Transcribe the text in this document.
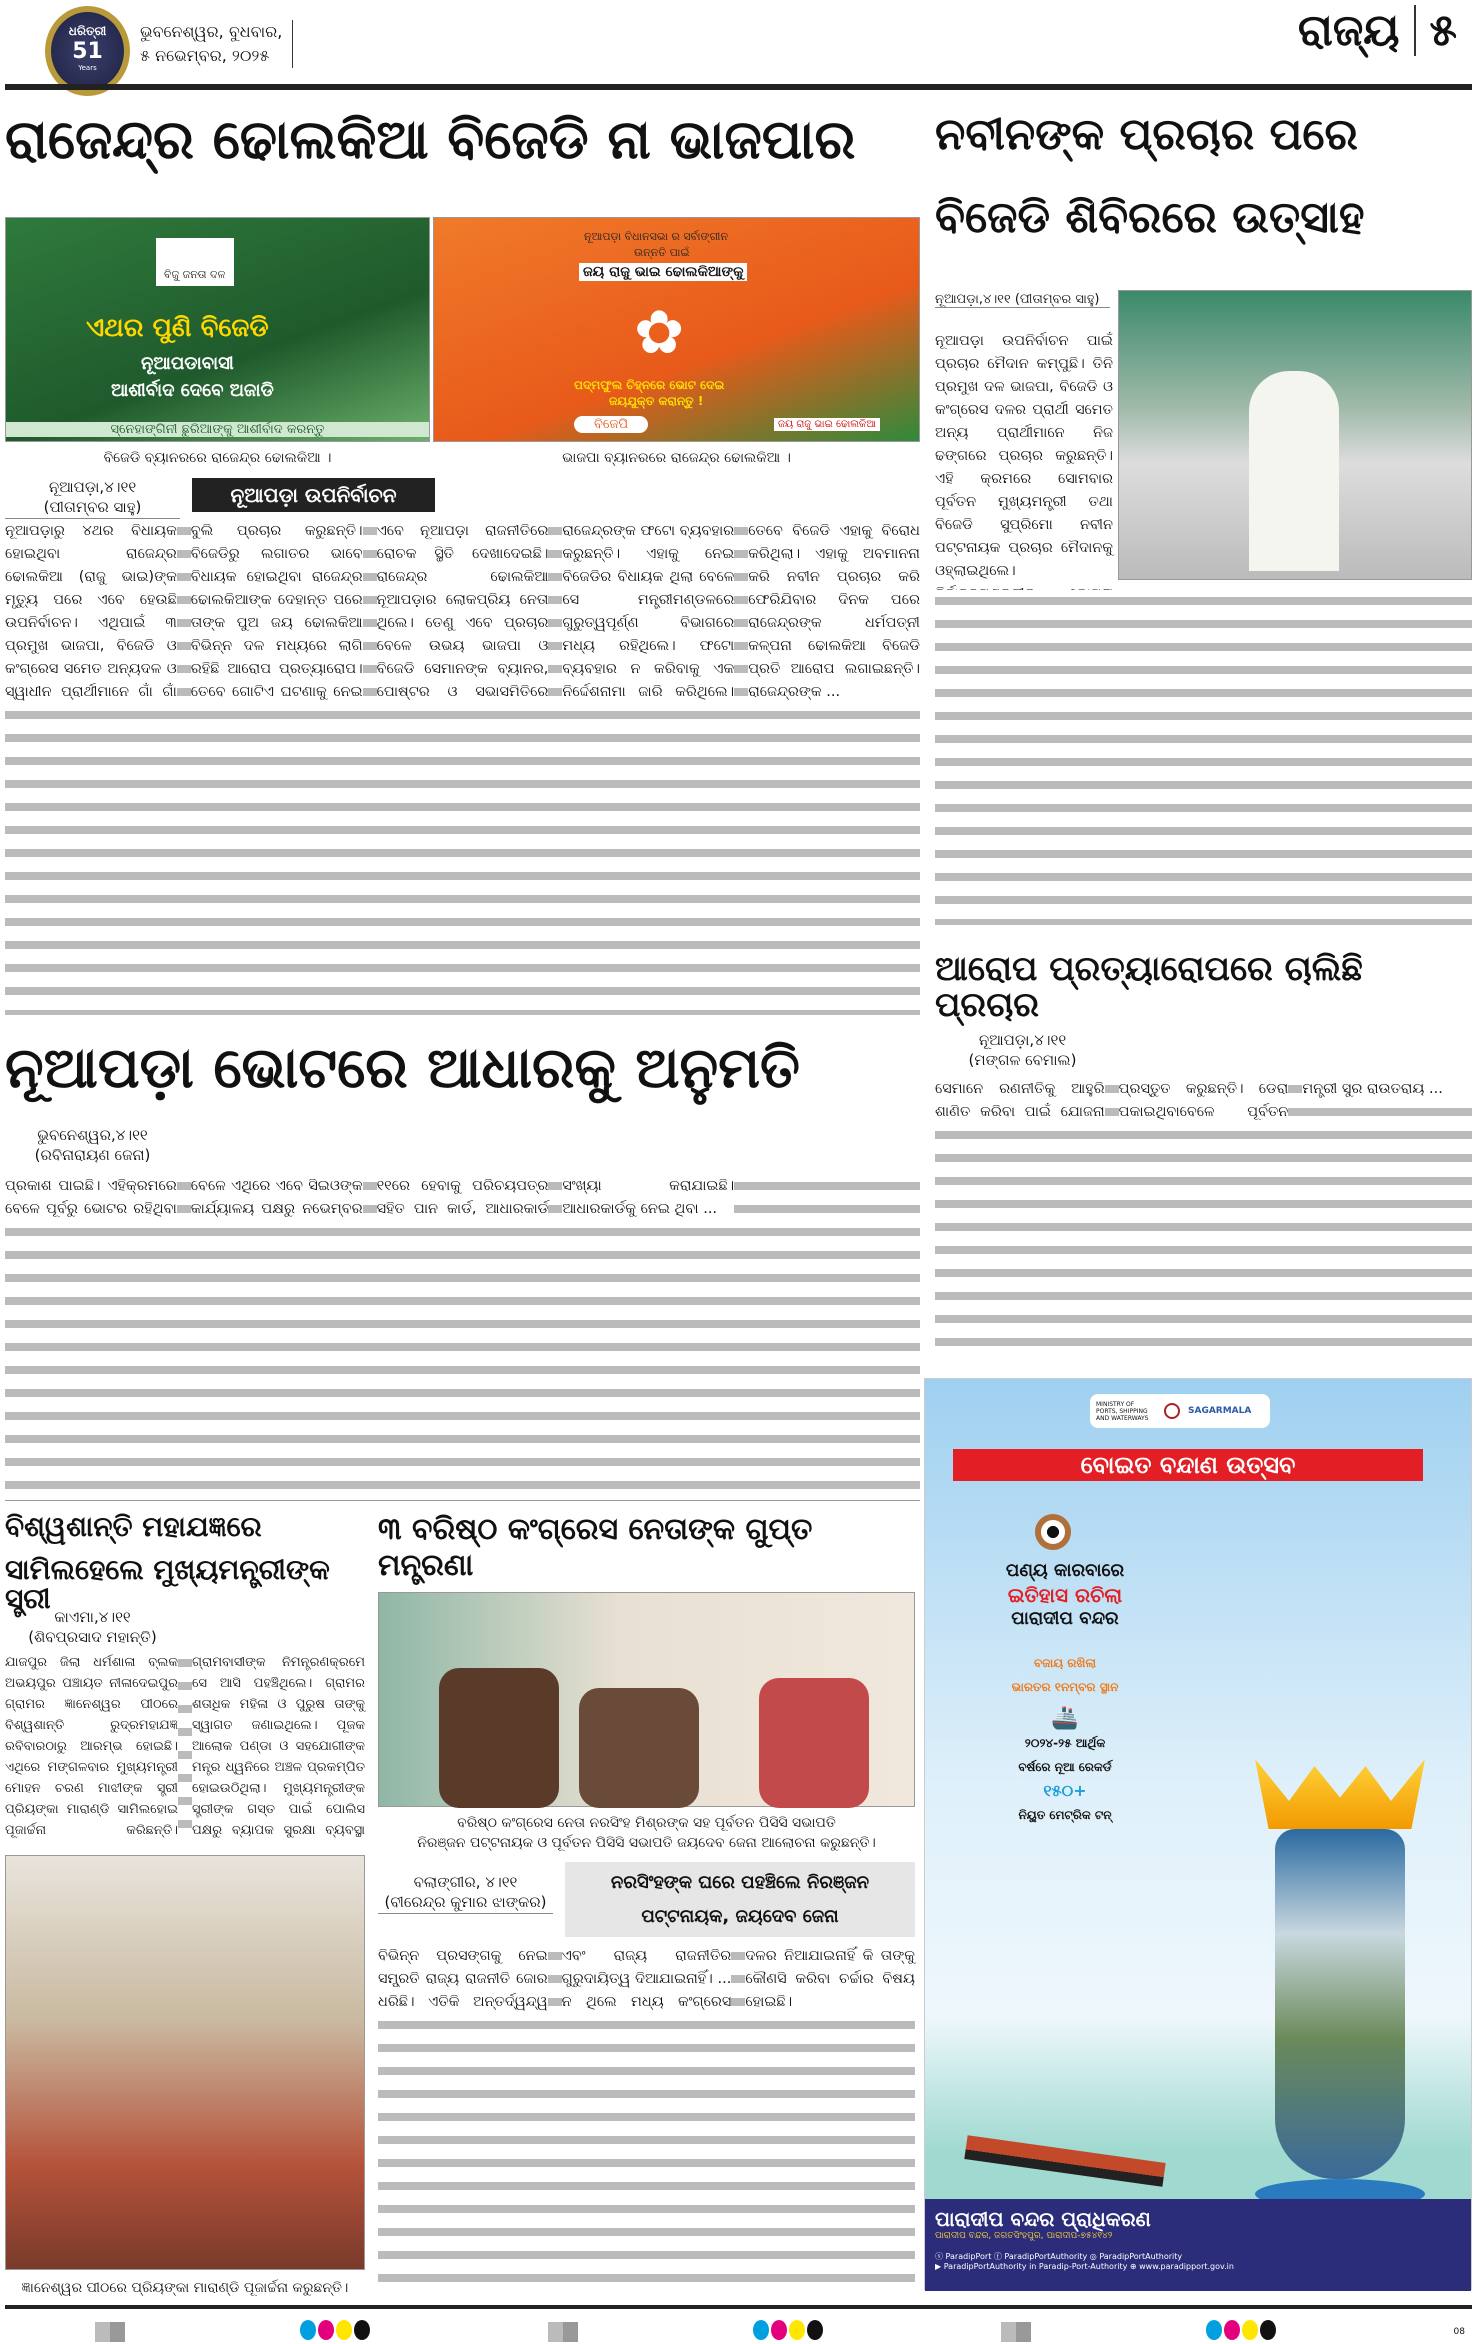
ଧରିତ୍ରୀ
51
Years
ଭୁବନେଶ୍ୱର, ବୁଧବାର,
୫ ନଭେମ୍ବର, ୨୦୨୫	ରାଜ୍ୟ ୫
ରାଜେନ୍ଦ୍ର ଢୋଲକିଆ ବିଜେଡି ନା ଭାଜପାର
ବିଜୁ ଜନତା ଦଳ
ଏଥର ପୁଣି ବିଜେଡି
ନୂଆପଡାବାସୀ
ଆଶୀର୍ବାଦ ଦେବେ ଅଜାଡି
ସ୍ନେହାଙ୍ଗିନୀ ଛୁରିଆଙ୍କୁ ଆଶୀର୍ବାଦ କରନ୍ତୁ
ନୂଆପଡ଼ା ବିଧାନସଭା ର ସର୍ବାଙ୍ଗୀନ
ଉନ୍ନତି ପାଇଁ
ଜୟ ରାଜୁ ଭାଇ ଢୋଲକିଆଙ୍କୁ
✿
ପଦ୍ମଫୁଲ ଚିହ୍ନରେ ଭୋଟ ଦେଇ
ଜୟଯୁକ୍ତ କରାନ୍ତୁ !
ବିଜେପି	ଜୟ ରାଜୁ ଭାଇ ଢୋଲକିଆ
ବିଜେଡି ବ୍ୟାନରରେ ରାଜେନ୍ଦ୍ର ଢୋଲକିଆ ।	ଭାଜପା ବ୍ୟାନରରେ ରାଜେନ୍ଦ୍ର ଢୋଲକିଆ ।
ନୂଆପଡ଼ା,୪।୧୧
(ପୀତାମ୍ବର ସାହୁ)
ନୂଆପଡ଼ା ଉପନିର୍ବାଚନ

ନୂଆପଡ଼ାରୁ ୪ଥର ବିଧାୟକ ହୋଇଥିବା ରାଜେନ୍ଦ୍ର ଢୋଲକିଆ (ରାଜୁ ଭାଇ)ଙ୍କ ମୃତ୍ୟୁ ପରେ ଏବେ ହେଉଛି ଉପନିର୍ବାଚନ। ଏଥିପାଇଁ ୩ ପ୍ରମୁଖ ଭାଜପା, ବିଜେଡି ଓ କଂଗ୍ରେସ ସମେତ ଅନ୍ୟଦଳ ଓ ସ୍ୱାଧୀନ ପ୍ରାର୍ଥୀମାନେ ଗାଁ ଗାଁ ବୁଲି ପ୍ରଚାର କରୁଛନ୍ତି। ବିଜେଡିରୁ ଲଗାତର ଭାବେ ବିଧାୟକ ହୋଇଥିବା ରାଜେନ୍ଦ୍ର ଢୋଲକିଆଙ୍କ ଦେହାନ୍ତ ପରେ ତାଙ୍କ ପୁଅ ଜୟ ଢୋଲକିଆ ବିଭିନ୍ନ ଦଳ ମଧ୍ୟରେ ଲାଗି ରହିଛି ଆରୋପ ପ୍ରତ୍ୟାରୋପ। ତେବେ ଗୋଟିଏ ଘଟଣାକୁ ନେଇ ଏବେ ନୂଆପଡ଼ା ରାଜନୀତିରେ ରୋଚକ ସ୍ଥିତି ଦେଖାଦେଇଛି। ରାଜେନ୍ଦ୍ର ଢୋଲକିଆ ନୂଆପଡ଼ାର ଲୋକପ୍ରିୟ ନେତା ଥିଲେ। ତେଣୁ ଏବେ ପ୍ରଚାର ବେଳେ ଉଭୟ ଭାଜପା ଓ ବିଜେଡି ସେମାନଙ୍କ ବ୍ୟାନର, ପୋଷ୍ଟର ଓ ସଭାସମିତିରେ ରାଜେନ୍ଦ୍ରଙ୍କ ଫଟୋ ବ୍ୟବହାର କରୁଛନ୍ତି। ଏହାକୁ ନେଇ ବିଜେଡିର ବିଧାୟକ ଥିଲା ବେଳେ ସେ ମନ୍ତ୍ରୀମଣ୍ଡଳରେ ଗୁରୁତ୍ୱପୂର୍ଣ୍ଣ ବିଭାଗରେ ମଧ୍ୟ ରହିଥିଲେ। ଫଟୋ ବ୍ୟବହାର ନ କରିବାକୁ ଏକ ନିର୍ଦ୍ଦେଶନାମା ଜାରି କରିଥିଲେ। ତେବେ ବିଜେଡି ଏହାକୁ ବିରୋଧ କରିଥିଲା। ଏହାକୁ ଅବମାନନା କରି ନବୀନ ପ୍ରଚାର କରି ଫେରିଯିବାର ଦିନକ ପରେ ରାଜେନ୍ଦ୍ରଙ୍କ ଧର୍ମପତ୍ନୀ କଳ୍ପନା ଢୋଲକିଆ ବିଜେଡି ପ୍ରତି ଆରୋପ ଲଗାଇଛନ୍ତି। ରାଜେନ୍ଦ୍ରଙ୍କ ...

ନବୀନଙ୍କ ପ୍ରଚାର ପରେ
ବିଜେଡି ଶିବିରରେ ଉତ୍ସାହ
ନୂଆପଡ଼ା,୪।୧୧ (ପୀତାମ୍ବର ସାହୁ)

ନୂଆପଡ଼ା ଉପନିର୍ବାଚନ ପାଇଁ ପ୍ରଚାର ମୈଦାନ କମ୍ପୁଛି। ତିନି ପ୍ରମୁଖ ଦଳ ଭାଜପା, ବିଜେଡି ଓ କଂଗ୍ରେସ ଦଳର ପ୍ରାର୍ଥୀ ସମେତ ଅନ୍ୟ ପ୍ରାର୍ଥୀମାନେ ନିଜ ଢଙ୍ଗରେ ପ୍ରଚାର କରୁଛନ୍ତି। ଏହି କ୍ରମରେ ସୋମବାର ପୂର୍ବତନ ମୁଖ୍ୟମନ୍ତ୍ରୀ ତଥା ବିଜେଡି ସୁପ୍ରିମୋ ନବୀନ ପଟ୍ଟନାୟକ ପ୍ରଚାର ମୈଦାନକୁ ଓହ୍ଲାଇଥିଲେ।

ଆରୋପ ପ୍ରତ୍ୟାରୋପରେ ଚାଲିଛି ପ୍ରଚାର
ନୂଆପଡ଼ା,୪।୧୧
(ମଙ୍ଗଳ ବେମାଲ)

ସେମାନେ ରଣନୀତିକୁ ଆହୁରି ଶାଣିତ କରିବା ପାଇଁ ଯୋଜନା ପ୍ରସ୍ତୁତ କରୁଛନ୍ତି। ଡେରା ପକାଇଥିବାବେଳେ ପୂର୍ବତନ ମନ୍ତ୍ରୀ ସୁର ରାଉତରାୟ ...

ନୂଆପଡ଼ା ଭୋଟରେ ଆଧାରକୁ ଅନୁମତି
ଭୁବନେଶ୍ୱର,୪।୧୧
(ରବିନାରାୟଣ ଜେନା)

ପ୍ରକାଶ ପାଇଛି। ଏହିକ୍ରମରେ ବେଳେ ପୂର୍ବରୁ ଭୋଟର ରହିଥିବା ବେଳେ ଏଥିରେ ଏବେ ସିଇଓଙ୍କ କାର୍ଯ୍ୟାଳୟ ପକ୍ଷରୁ ନଭେମ୍ବର ୧୧ରେ ହେବାକୁ ପରିଚୟପତ୍ର ସହିତ ପାନ କାର୍ଡ, ଆଧାରକାର୍ଡ ସଂଖ୍ୟା କରାଯାଇଛି। ଆଧାରକାର୍ଡକୁ ନେଇ ଥିବା ...

ବିଶ୍ୱଶାନ୍ତି ମହାଯଜ୍ଞରେ
ସାମିଲହେଲେ ମୁଖ୍ୟମନ୍ତ୍ରୀଙ୍କ ସ୍ତ୍ରୀ
କାଏମା,୪।୧୧
(ଶିବପ୍ରସାଦ ମହାନ୍ତି)

ଯାଜପୁର ଜିଲା ଧର୍ମଶାଳା ବ୍ଲକ ଅଭୟପୁର ପଞ୍ଚାୟତ ନୀଳାଦେଇପୁର ଗ୍ରାମର ଜ୍ଞାନେଶ୍ୱର ପୀଠରେ ବିଶ୍ୱଶାନ୍ତି ରୁଦ୍ରମହାଯଜ୍ଞ ରବିବାରଠାରୁ ଆରମ୍ଭ ହୋଇଛି। ଏଥିରେ ମଙ୍ଗଳବାର ମୁଖ୍ୟମନ୍ତ୍ରୀ ମୋହନ ଚରଣ ମାଝୀଙ୍କ ସ୍ତ୍ରୀ ପ୍ରିୟଙ୍କା ମାରାଣ୍ଡି ସାମିଲହୋଇ ପୂଜାର୍ଚ୍ଚନା କରିଛନ୍ତି। ଗ୍ରାମବାସୀଙ୍କ ନିମନ୍ତ୍ରଣକ୍ରମେ ସେ ଆସି ପହଞ୍ଚିଥିଲେ। ଗ୍ରାମର ଶତାଧିକ ମହିଳା ଓ ପୁରୁଷ ତାଙ୍କୁ ସ୍ୱାଗତ ଜଣାଇଥିଲେ। ପୂଜକ ଆଲୋକ ପଣ୍ଡା ଓ ସହଯୋଗୀଙ୍କ ମନ୍ତ୍ର ଧ୍ୱନିରେ ଅଞ୍ଚଳ ପ୍ରକମ୍ପିତ ହୋଇଉଠିଥିଲା। ମୁଖ୍ୟମନ୍ତ୍ରୀଙ୍କ ସ୍ତ୍ରୀଙ୍କ ଗସ୍ତ ପାଇଁ ପୋଲିସ ପକ୍ଷରୁ ବ୍ୟାପକ ସୁରକ୍ଷା ବ୍ୟବସ୍ଥା

ଜ୍ଞାନେଶ୍ୱର ପୀଠରେ ପ୍ରିୟଙ୍କା ମାରାଣ୍ଡି ପୂଜାର୍ଚ୍ଚନା କରୁଛନ୍ତି।
୩ ବରିଷ୍ଠ କଂଗ୍ରେସ ନେତାଙ୍କ ଗୁପ୍ତ ମନ୍ତ୍ରଣା
ବରିଷ୍ଠ କଂଗ୍ରେସ ନେତା ନରସିଂହ ମିଶ୍ରଙ୍କ ସହ ପୂର୍ବତନ ପିସିସି ସଭାପତି
ନିରଞ୍ଜନ ପଟ୍ଟନାୟକ ଓ ପୂର୍ବତନ ପିସିସି ସଭାପତି ଜୟଦେବ ଜେନା ଆଲୋଚନା କରୁଛନ୍ତି।
ବଲାଙ୍ଗୀର, ୪।୧୧
(ବୀରେନ୍ଦ୍ର କୁମାର ଝାଙ୍କର)
ନରସିଂହଙ୍କ ଘରେ ପହଞ୍ଚିଲେ ନିରଞ୍ଜନ
ପଟ୍ଟନାୟକ, ଜୟଦେବ ଜେନା

ବିଭିନ୍ନ ପ୍ରସଙ୍ଗକୁ ନେଇ ସମ୍ପ୍ରତି ରାଜ୍ୟ ରାଜନୀତି ଜୋର ଧରିଛି। ଏତିକି ଅନ୍ତର୍ଦ୍ୱନ୍ଦ୍ୱ ଏବଂ ରାଜ୍ୟ ରାଜନୀତିର ଗୁରୁଦାୟିତ୍ୱ ଦିଆଯାଇନାହିଁ। ... ନ ଥିଲେ ମଧ୍ୟ କଂଗ୍ରେସ ଦଳର ନିଆଯାଇନାହିଁ କି ତାଙ୍କୁ କୌଣସି କରିବା ଚର୍ଚ୍ଚାର ବିଷୟ ହୋଇଛି।

MINISTRY OF PORTS, SHIPPING AND WATERWAYS
SAGARMALA
ବୋଇତ ବନ୍ଦାଣ ଉତ୍ସବ
ପଣ୍ୟ କାରବାରେ
ଇତିହାସ ରଚିଲା
ପାରାଦୀପ ବନ୍ଦର
ବଜାୟ ରଖିଲା
ଭାରତର ୧ନମ୍ବର ସ୍ଥାନ
🚢
୨୦୨୪-୨୫ ଆର୍ଥିକ
ବର୍ଷରେ ନୂଆ ରେକର୍ଡ
୧୫୦+
ନିୟୁତ ମେଟ୍ରିକ ଟନ୍
ପାରାଦୀପ ବନ୍ଦର ପ୍ରାଧିକରଣ
ପାରାଦୀପ ବନ୍ଦର, ଜଗତସିଂହପୁର, ପାରାଦୀପ-୭୫୪୧୪୨
ⓧ ParadipPort ⓕ ParadipPortAuthority ◎ ParadipPortAuthority
▶ ParadipPortAuthority in Paradip-Port-Authority ⊕ www.paradipport.gov.in
08
